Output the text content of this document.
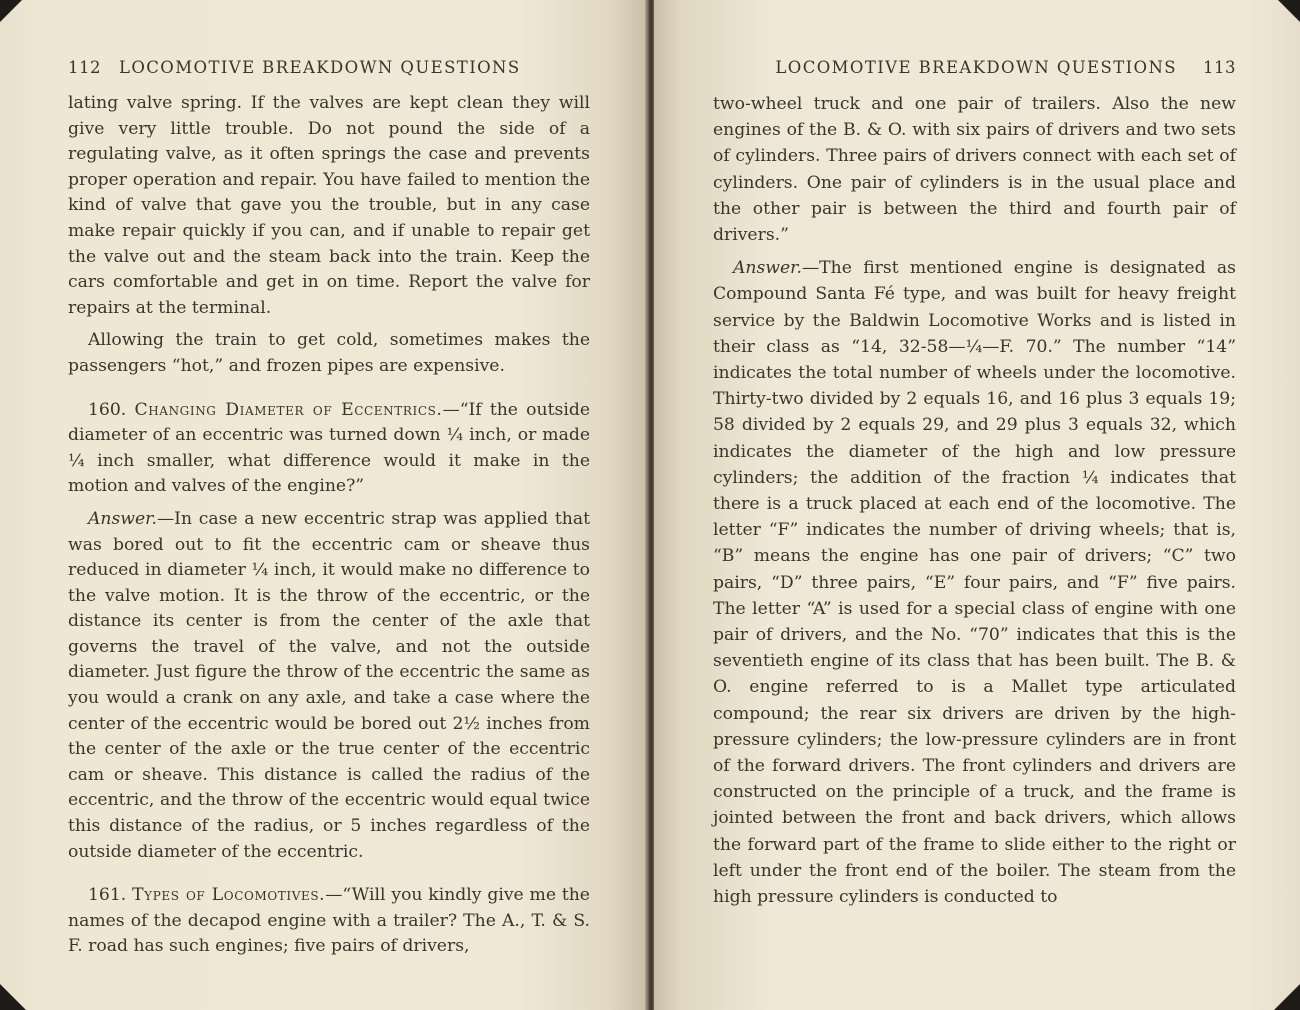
112 LOCOMOTIVE BREAKDOWN QUESTIONS

lating valve spring. If the valves are kept clean they will give very little trouble. Do not pound the side of a regulating valve, as it often springs the case and prevents proper operation and repair. You have failed to mention the kind of valve that gave you the trouble, but in any case make repair quickly if you can, and if unable to repair get the valve out and the steam back into the train. Keep the cars comfortable and get in on time. Report the valve for repairs at the terminal.

Allowing the train to get cold, sometimes makes the passengers “hot,” and frozen pipes are expensive.

160. Changing Diameter of Eccentrics.—“If the outside diameter of an eccentric was turned down ¼ inch, or made ¼ inch smaller, what difference would it make in the motion and valves of the engine?”

Answer.—In case a new eccentric strap was applied that was bored out to fit the eccentric cam or sheave thus reduced in diameter ¼ inch, it would make no difference to the valve motion. It is the throw of the eccentric, or the distance its center is from the center of the axle that governs the travel of the valve, and not the outside diameter. Just figure the throw of the eccentric the same as you would a crank on any axle, and take a case where the center of the eccentric would be bored out 2½ inches from the center of the axle or the true center of the eccentric cam or sheave. This distance is called the radius of the eccentric, and the throw of the eccentric would equal twice this distance of the radius, or 5 inches regardless of the outside diameter of the eccentric.

161. Types of Locomotives.—“Will you kindly give me the names of the decapod engine with a trailer? The A., T. & S. F. road has such engines; five pairs of drivers,

LOCOMOTIVE BREAKDOWN QUESTIONS 113

two-wheel truck and one pair of trailers. Also the new engines of the B. & O. with six pairs of drivers and two sets of cylinders. Three pairs of drivers connect with each set of cylinders. One pair of cylinders is in the usual place and the other pair is between the third and fourth pair of drivers.”

Answer.—The first mentioned engine is designated as Compound Santa Fé type, and was built for heavy freight service by the Baldwin Locomotive Works and is listed in their class as “14, 32-58—¼—F. 70.” The number “14” indicates the total number of wheels under the locomotive. Thirty-two divided by 2 equals 16, and 16 plus 3 equals 19; 58 divided by 2 equals 29, and 29 plus 3 equals 32, which indicates the diameter of the high and low pressure cylinders; the addition of the fraction ¼ indicates that there is a truck placed at each end of the locomotive. The letter “F” indicates the number of driving wheels; that is, “B” means the engine has one pair of drivers; “C” two pairs, “D” three pairs, “E” four pairs, and “F” five pairs. The letter “A” is used for a special class of engine with one pair of drivers, and the No. “70” indicates that this is the seventieth engine of its class that has been built. The B. & O. engine referred to is a Mallet type articulated compound; the rear six drivers are driven by the high-pressure cylinders; the low-pressure cylinders are in front of the forward drivers. The front cylinders and drivers are constructed on the principle of a truck, and the frame is jointed between the front and back drivers, which allows the forward part of the frame to slide either to the right or left under the front end of the boiler. The steam from the high pressure cylinders is conducted to
